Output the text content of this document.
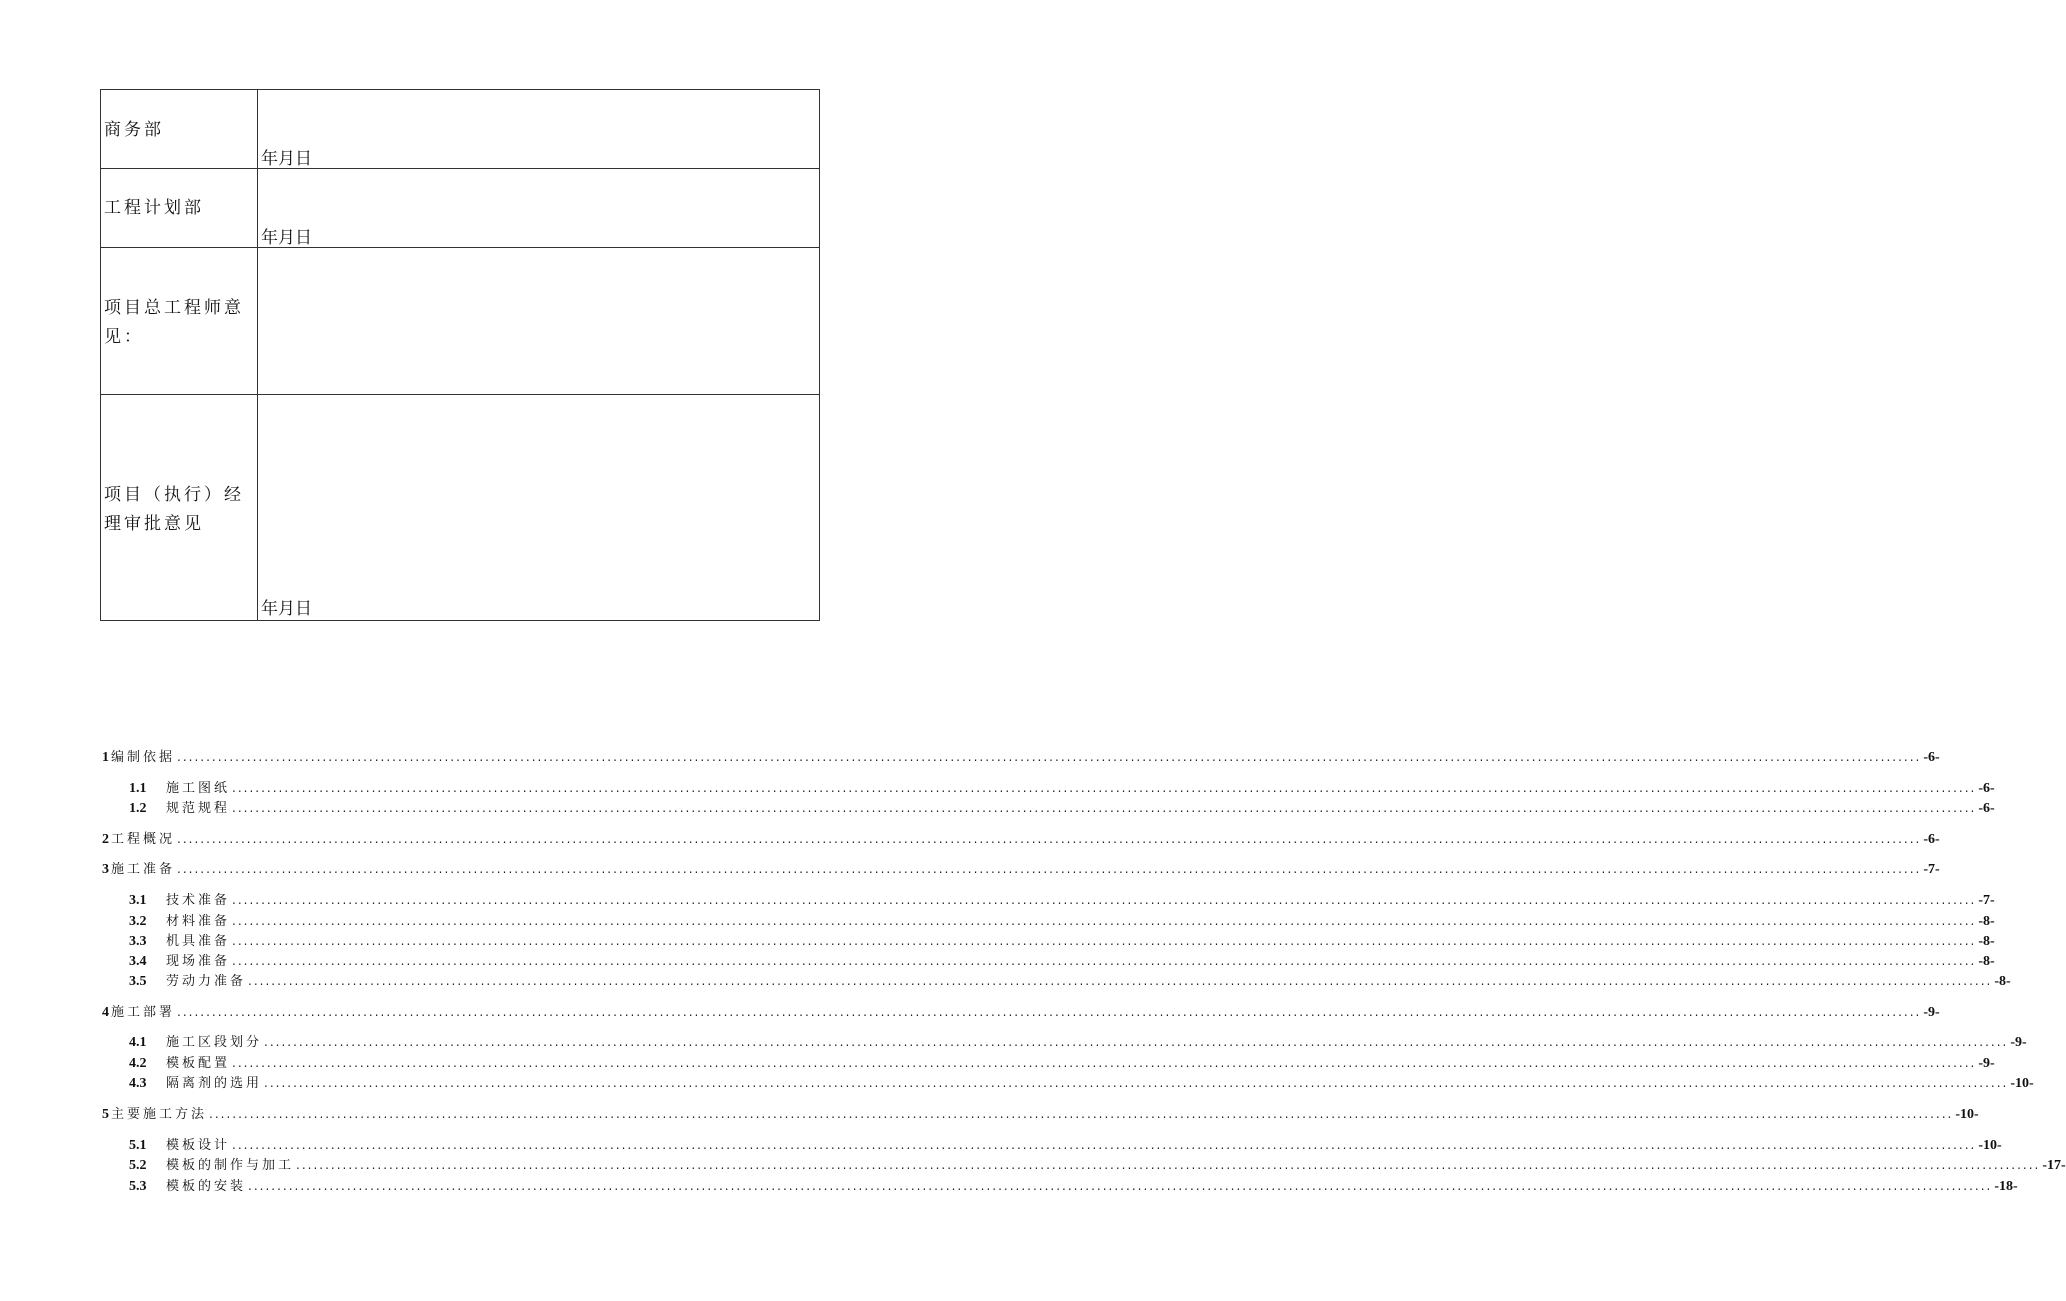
商务部	年月日

工程计划部	年月日

项目总工程师意见：	

项目（执行）经理审批意见	年月日
1 编制依据 ............................................................................................................................................................................................................................................................................................................ -6-
1.1	施工图纸 ............................................................................................................................................................................................................................................................................................................ -6-
1.2	规范规程 ............................................................................................................................................................................................................................................................................................................ -6-
2 工程概况 ............................................................................................................................................................................................................................................................................................................ -6-
3 施工准备 ............................................................................................................................................................................................................................................................................................................ -7-
3.1	技术准备 ............................................................................................................................................................................................................................................................................................................ -7-
3.2	材料准备 ............................................................................................................................................................................................................................................................................................................ -8-
3.3	机具准备 ............................................................................................................................................................................................................................................................................................................ -8-
3.4	现场准备 ............................................................................................................................................................................................................................................................................................................ -8-
3.5	劳动力准备 ............................................................................................................................................................................................................................................................................................................ -8-
4 施工部署 ............................................................................................................................................................................................................................................................................................................ -9-
4.1	施工区段划分 ............................................................................................................................................................................................................................................................................................................ -9-
4.2	模板配置 ............................................................................................................................................................................................................................................................................................................ -9-
4.3	隔离剂的选用 ............................................................................................................................................................................................................................................................................................................ -10-
5 主要施工方法 ............................................................................................................................................................................................................................................................................................................ -10-
5.1	模板设计 ............................................................................................................................................................................................................................................................................................................ -10-
5.2	模板的制作与加工 ............................................................................................................................................................................................................................................................................................................ -17-
5.3	模板的安装 ............................................................................................................................................................................................................................................................................................................ -18-
